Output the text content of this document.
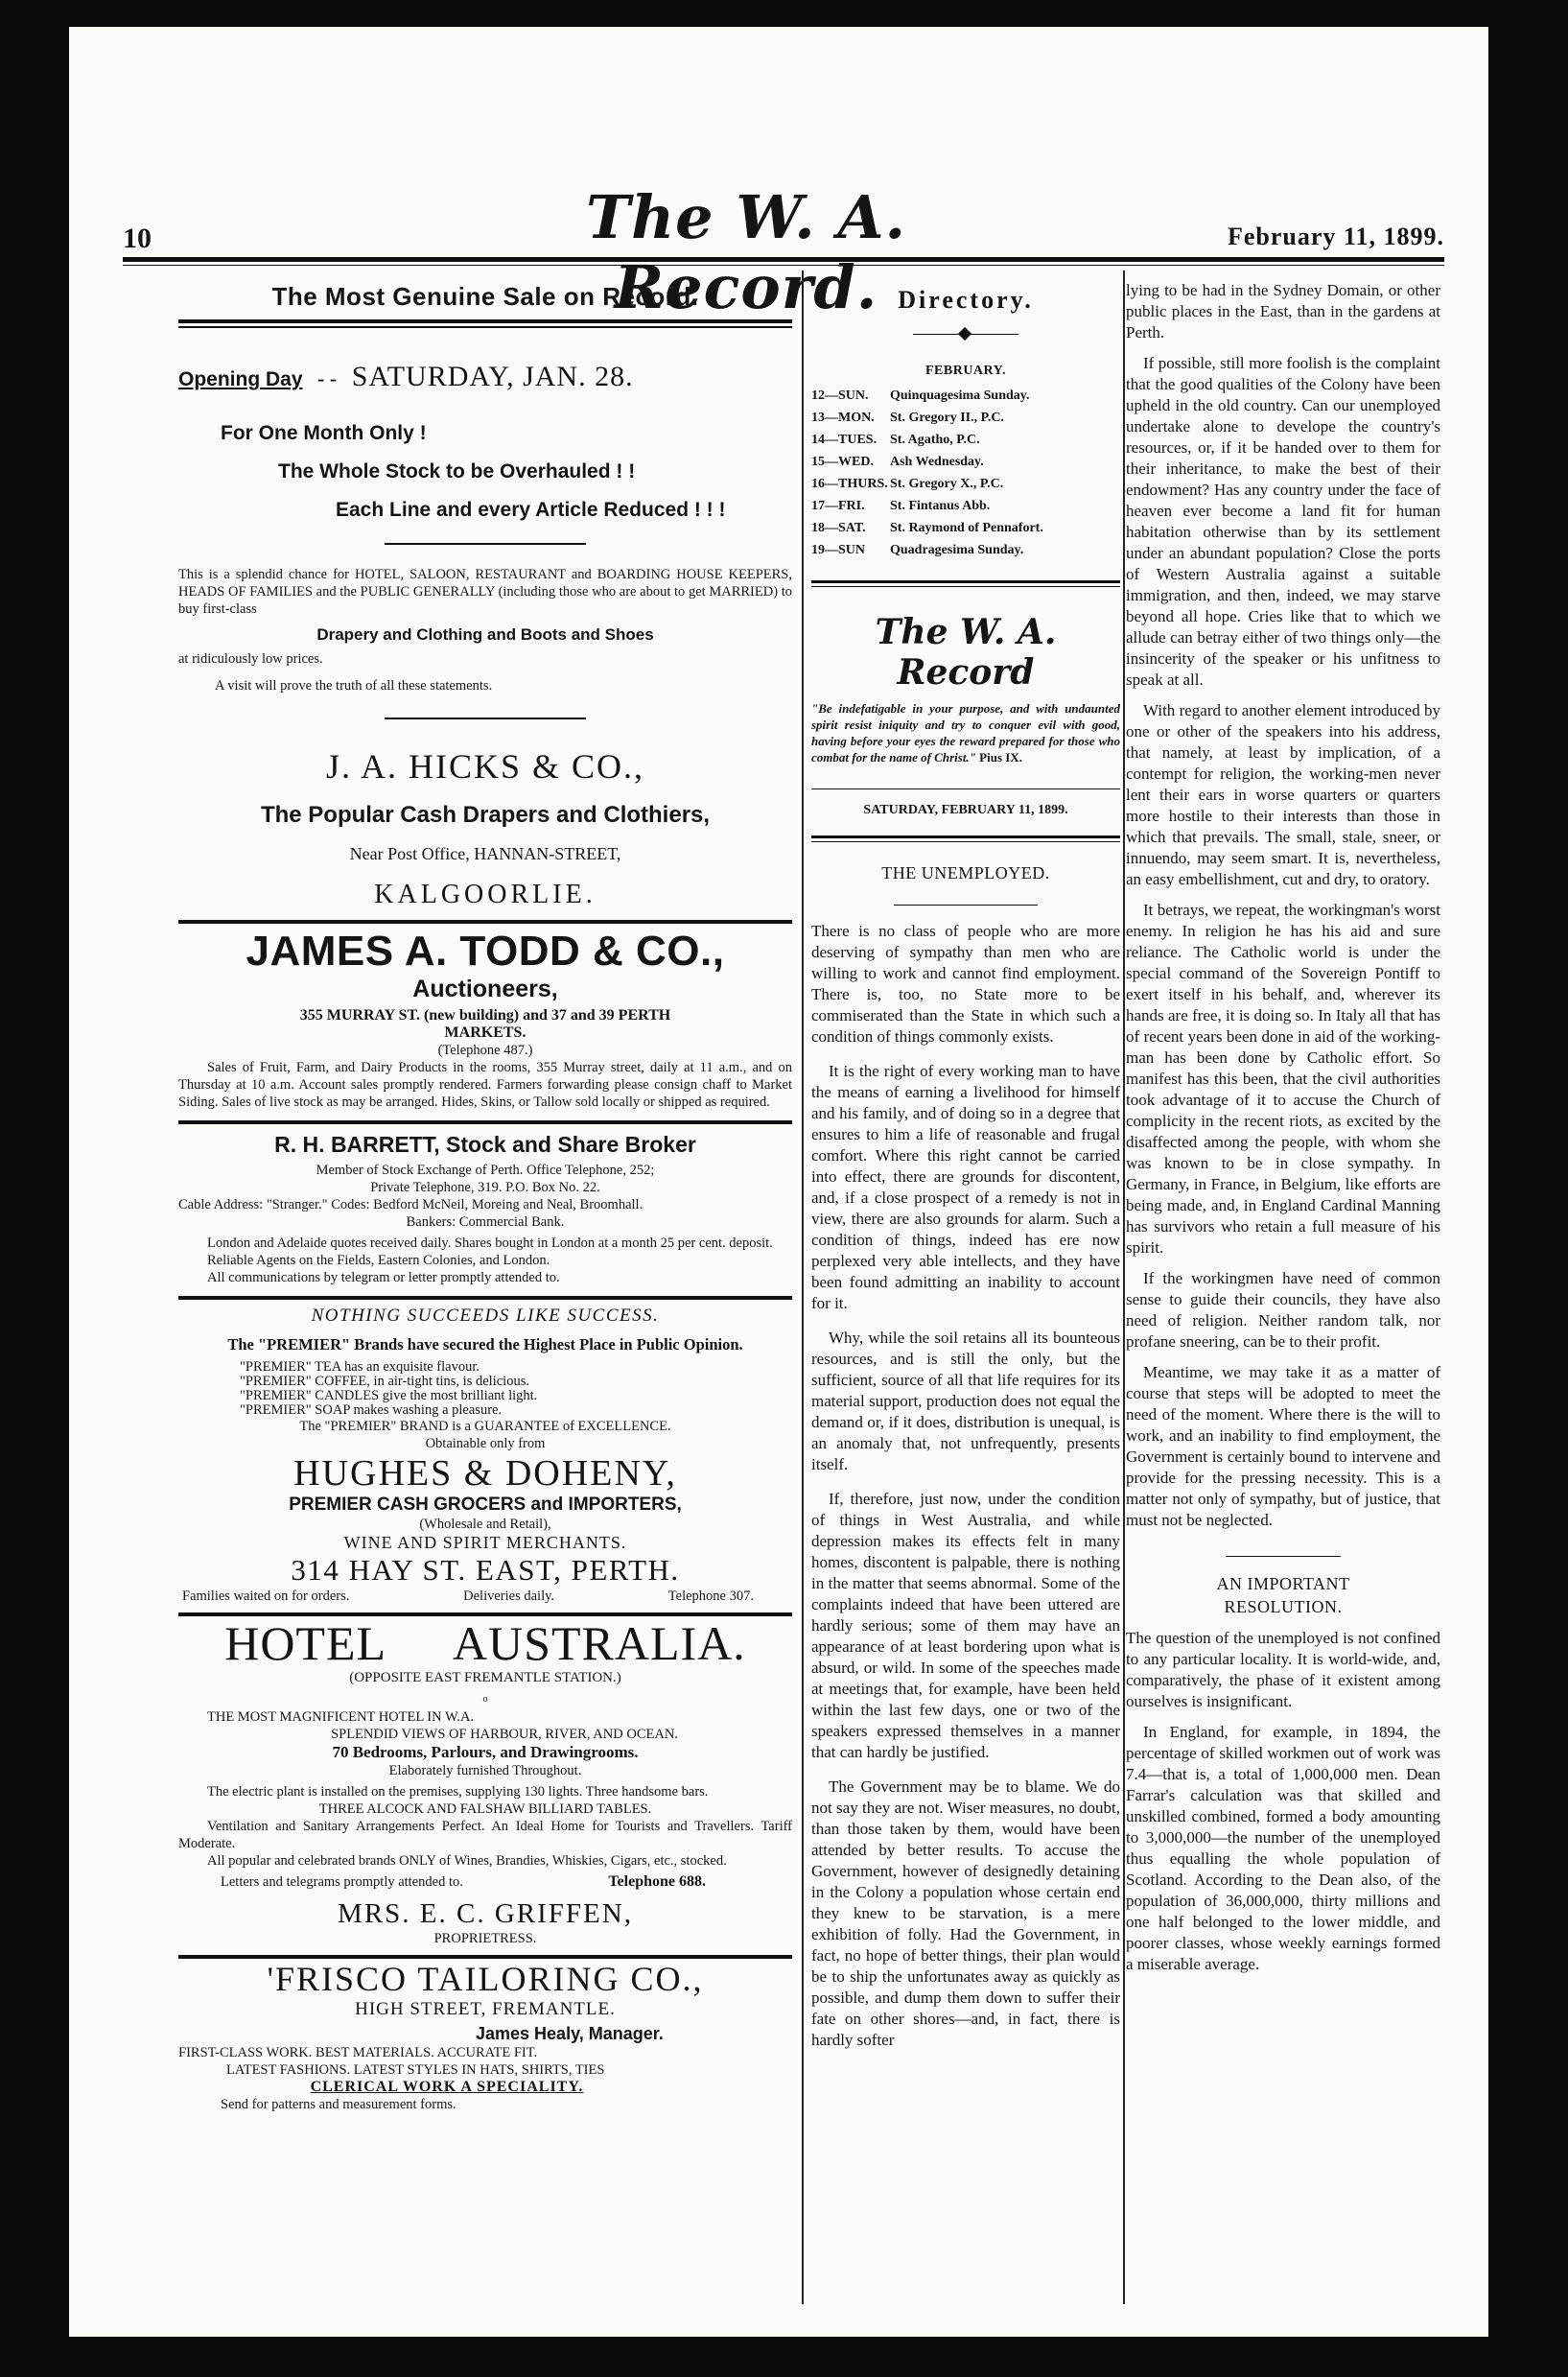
10	The W. A. Record.
February 11, 1899.
The Most Genuine Sale on Record.
Opening Day - - SATURDAY, JAN. 28.
For One Month Only !
The Whole Stock to be Overhauled ! !
Each Line and every Article Reduced ! ! !

This is a splendid chance for HOTEL, SALOON, RESTAURANT and BOARDING HOUSE KEEPERS, HEADS OF FAMILIES and the PUBLIC GENERALLY (including those who are about to get MARRIED) to buy first-class

Drapery and Clothing and Boots and Shoes

at ridiculously low prices.

A visit will prove the truth of all these statements.

J. A. HICKS & CO.,
The Popular Cash Drapers and Clothiers,
Near Post Office, HANNAN-STREET,
KALGOORLIE.
JAMES A. TODD & CO.,
Auctioneers,
355 MURRAY ST. (new building) and 37 and 39 PERTH
MARKETS.
(Telephone 487.)

Sales of Fruit, Farm, and Dairy Products in the rooms, 355 Murray street, daily at 11 a.m., and on Thursday at 10 a.m. Account sales promptly rendered. Farmers forwarding please consign chaff to Market Siding. Sales of live stock as may be arranged. Hides, Skins, or Tallow sold locally or shipped as required.

R. H. BARRETT, Stock and Share Broker

Member of Stock Exchange of Perth. Office Telephone, 252;

Private Telephone, 319. P.O. Box No. 22.

Cable Address: "Stranger." Codes: Bedford McNeil, Moreing and Neal, Broomhall.

Bankers: Commercial Bank.

London and Adelaide quotes received daily. Shares bought in London at a month 25 per cent. deposit.

Reliable Agents on the Fields, Eastern Colonies, and London.

All communications by telegram or letter promptly attended to.

NOTHING SUCCEEDS LIKE SUCCESS.
The "PREMIER" Brands have secured the Highest Place in Public Opinion.
"PREMIER" TEA has an exquisite flavour.
"PREMIER" COFFEE, in air-tight tins, is delicious.
"PREMIER" CANDLES give the most brilliant light.
"PREMIER" SOAP makes washing a pleasure.
The "PREMIER" BRAND is a GUARANTEE of EXCELLENCE.
Obtainable only from
HUGHES & DOHENY,
PREMIER CASH GROCERS and IMPORTERS,
(Wholesale and Retail),
WINE AND SPIRIT MERCHANTS.
314 HAY ST. EAST, PERTH.
Families waited on for orders.	Deliveries daily.	Telephone 307.
HOTEL AUSTRALIA.
(OPPOSITE EAST FREMANTLE STATION.)
o
THE MOST MAGNIFICENT HOTEL IN W.A.
SPLENDID VIEWS OF HARBOUR, RIVER, AND OCEAN.
70 Bedrooms, Parlours, and Drawingrooms.
Elaborately furnished Throughout.

The electric plant is installed on the premises, supplying 130 lights. Three handsome bars.

THREE ALCOCK AND FALSHAW BILLIARD TABLES.

Ventilation and Sanitary Arrangements Perfect. An Ideal Home for Tourists and Travellers. Tariff Moderate.

All popular and celebrated brands ONLY of Wines, Brandies, Whiskies, Cigars, etc., stocked.

Letters and telegrams promptly attended to.	Telephone 688.
MRS. E. C. GRIFFEN,
PROPRIETRESS.
'FRISCO TAILORING CO.,
HIGH STREET, FREMANTLE.
James Healy, Manager.
FIRST-CLASS WORK. BEST MATERIALS. ACCURATE FIT.
LATEST FASHIONS. LATEST STYLES IN HATS, SHIRTS, TIES
CLERICAL WORK A SPECIALITY.
Send for patterns and measurement forms.
Directory.
FEBRUARY.
12—SUN. Quinquagesima Sunday.
13—MON. St. Gregory II., P.C.
14—TUES. St. Agatho, P.C.
15—WED. Ash Wednesday.
16—THURS. St. Gregory X., P.C.
17—FRI. St. Fintanus Abb.
18—SAT. St. Raymond of Pennafort.
19—SUN Quadragesima Sunday.
The W. A. Record

"Be indefatigable in your purpose, and with undaunted spirit resist iniquity and try to conquer evil with good, having before your eyes the reward prepared for those who combat for the name of Christ." Pius IX.

SATURDAY, FEBRUARY 11, 1899.
THE UNEMPLOYED.

There is no class of people who are more deserving of sympathy than men who are willing to work and cannot find employment. There is, too, no State more to be commiserated than the State in which such a condition of things commonly exists.

It is the right of every working man to have the means of earning a livelihood for himself and his family, and of doing so in a degree that ensures to him a life of reasonable and frugal comfort. Where this right cannot be carried into effect, there are grounds for discontent, and, if a close prospect of a remedy is not in view, there are also grounds for alarm. Such a condition of things, indeed has ere now perplexed very able intellects, and they have been found admitting an inability to account for it.

Why, while the soil retains all its bounteous resources, and is still the only, but the sufficient, source of all that life requires for its material support, production does not equal the demand or, if it does, distribution is unequal, is an anomaly that, not unfrequently, presents itself.

If, therefore, just now, under the condition of things in West Australia, and while depression makes its effects felt in many homes, discontent is palpable, there is nothing in the matter that seems abnormal. Some of the complaints indeed that have been uttered are hardly serious; some of them may have an appearance of at least bordering upon what is absurd, or wild. In some of the speeches made at meetings that, for example, have been held within the last few days, one or two of the speakers expressed themselves in a manner that can hardly be justified.

The Government may be to blame. We do not say they are not. Wiser measures, no doubt, than those taken by them, would have been attended by better results. To accuse the Government, however of designedly detaining in the Colony a population whose certain end they knew to be starvation, is a mere exhibition of folly. Had the Government, in fact, no hope of better things, their plan would be to ship the unfortunates away as quickly as possible, and dump them down to suffer their fate on other shores—and, in fact, there is hardly softer

lying to be had in the Sydney Domain, or other public places in the East, than in the gardens at Perth.

If possible, still more foolish is the complaint that the good qualities of the Colony have been upheld in the old country. Can our unemployed undertake alone to develope the country's resources, or, if it be handed over to them for their inheritance, to make the best of their endowment? Has any country under the face of heaven ever become a land fit for human habitation otherwise than by its settlement under an abundant population? Close the ports of Western Australia against a suitable immigration, and then, indeed, we may starve beyond all hope. Cries like that to which we allude can betray either of two things only—the insincerity of the speaker or his unfitness to speak at all.

With regard to another element introduced by one or other of the speakers into his address, that namely, at least by implication, of a contempt for religion, the working-men never lent their ears in worse quarters or quarters more hostile to their interests than those in which that prevails. The small, stale, sneer, or innuendo, may seem smart. It is, nevertheless, an easy embellishment, cut and dry, to oratory.

It betrays, we repeat, the workingman's worst enemy. In religion he has his aid and sure reliance. The Catholic world is under the special command of the Sovereign Pontiff to exert itself in his behalf, and, wherever its hands are free, it is doing so. In Italy all that has of recent years been done in aid of the working-man has been done by Catholic effort. So manifest has this been, that the civil authorities took advantage of it to accuse the Church of complicity in the recent riots, as excited by the disaffected among the people, with whom she was known to be in close sympathy. In Germany, in France, in Belgium, like efforts are being made, and, in England Cardinal Manning has survivors who retain a full measure of his spirit.

If the workingmen have need of common sense to guide their councils, they have also need of religion. Neither random talk, nor profane sneering, can be to their profit.

Meantime, we may take it as a matter of course that steps will be adopted to meet the need of the moment. Where there is the will to work, and an inability to find employment, the Government is certainly bound to intervene and provide for the pressing necessity. This is a matter not only of sympathy, but of justice, that must not be neglected.

AN IMPORTANT RESOLUTION.

The question of the unemployed is not confined to any particular locality. It is world-wide, and, comparatively, the phase of it existent among ourselves is insignificant.

In England, for example, in 1894, the percentage of skilled workmen out of work was 7.4—that is, a total of 1,000,000 men. Dean Farrar's calculation was that skilled and unskilled combined, formed a body amounting to 3,000,000—the number of the unemployed thus equalling the whole population of Scotland. According to the Dean also, of the population of 36,000,000, thirty millions and one half belonged to the lower middle, and poorer classes, whose weekly earnings formed a miserable average.
